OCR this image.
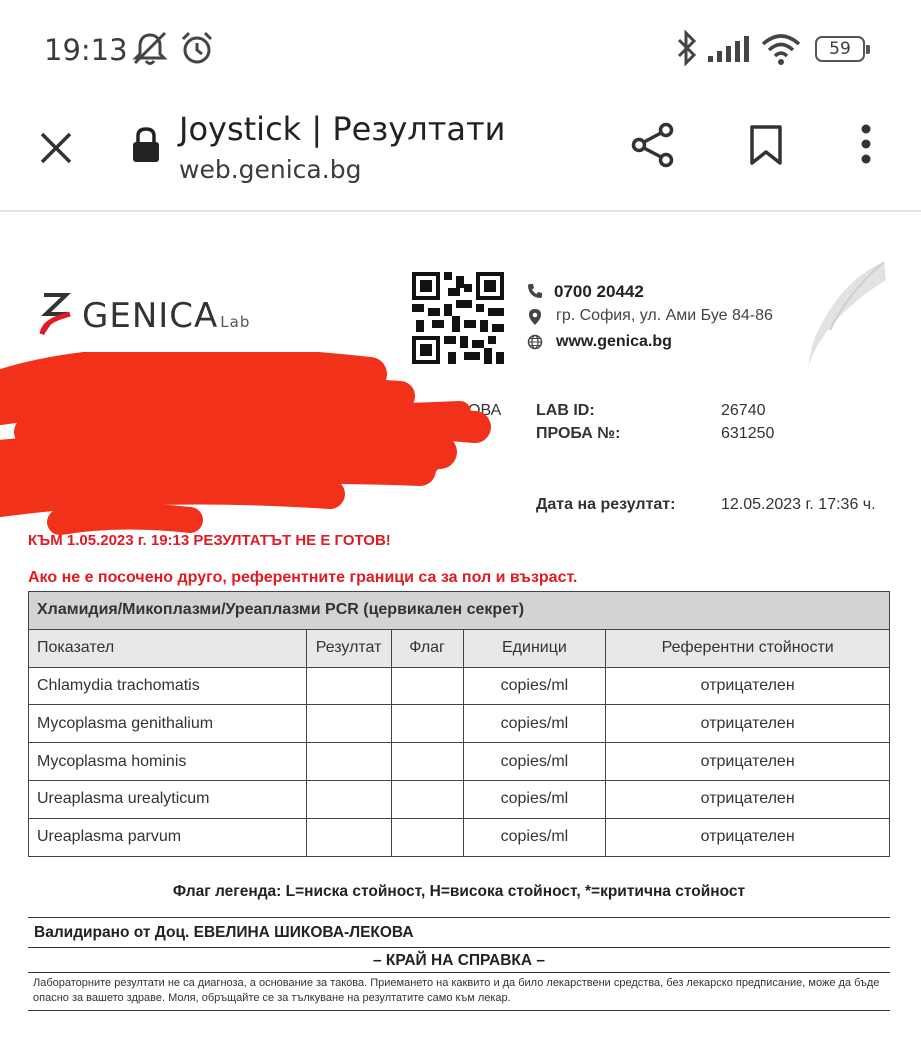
19:13	59
Joystick | Резултати
web.genica.bg
GENICA Lab
0700 20442
гр. София, ул. Ами Буе 84-86
www.genica.bg
ОВА LAB ID:	26740
ПРОБА №:	631250
Дата на резултат:	12.05.2023 г. 17:36 ч.
КЪМ 1.05.2023 г. 19:13 РЕЗУЛТАТЪТ НЕ Е ГОТОВ!
Ако не е посочено друго, референтните граници са за пол и възраст.
Хламидия/Микоплазми/Уреаплазми PCR (цервикален секрет)				
Показател	Резултат	Флаг	Единици	Референтни стойности
Chlamydia trachomatis			copies/ml	отрицателен
Mycoplasma genithalium			copies/ml	отрицателен
Mycoplasma hominis			copies/ml	отрицателен
Ureaplasma urealyticum			copies/ml	отрицателен
Ureaplasma parvum			copies/ml	отрицателен
Флаг легенда: L=ниска стойност, H=висока стойност, *=критична стойност
Валидирано от Доц. ЕВЕЛИНА ШИКОВА-ЛЕКОВА
– КРАЙ НА СПРАВКА –
Лабораторните резултати не са диагноза, а основание за такова. Приемането на каквито и да било лекарствени средства, без лекарско предписание, може да бъде опасно за вашето здраве. Моля, обръщайте се за тълкуване на резултатите само към лекар.
